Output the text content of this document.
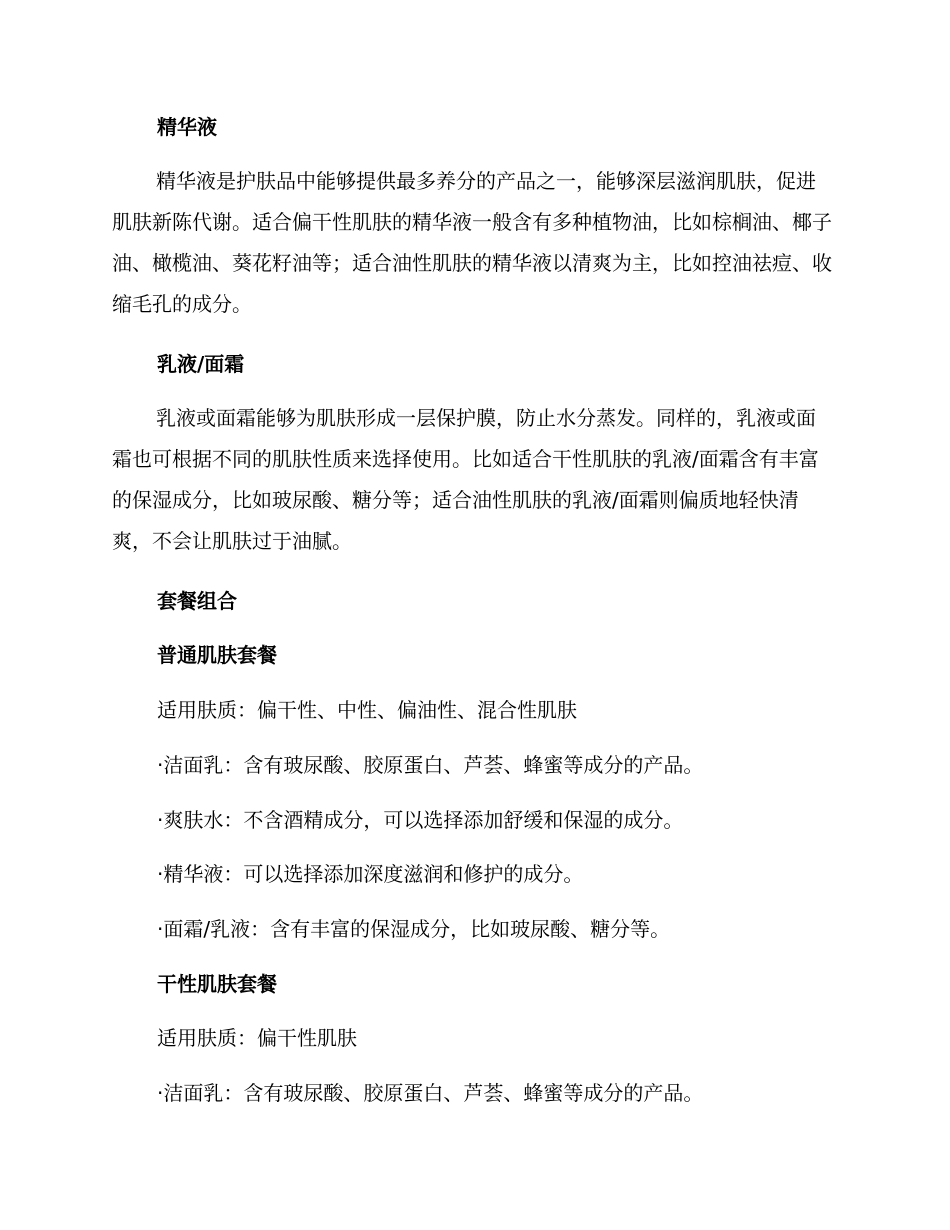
精华液

精华液是护肤品中能够提供最多养分的产品之一，能够深层滋润肌肤，促进肌肤新陈代谢。适合偏干性肌肤的精华液一般含有多种植物油，比如棕榈油、椰子油、橄榄油、葵花籽油等；适合油性肌肤的精华液以清爽为主，比如控油祛痘、收缩毛孔的成分。

乳液/面霜

乳液或面霜能够为肌肤形成一层保护膜，防止水分蒸发。同样的，乳液或面霜也可根据不同的肌肤性质来选择使用。比如适合干性肌肤的乳液/面霜含有丰富的保湿成分，比如玻尿酸、糖分等；适合油性肌肤的乳液/面霜则偏质地轻快清爽，不会让肌肤过于油腻。

套餐组合
普通肌肤套餐
适用肤质：偏干性、中性、偏油性、混合性肌肤
·洁面乳：含有玻尿酸、胶原蛋白、芦荟、蜂蜜等成分的产品。
·爽肤水：不含酒精成分，可以选择添加舒缓和保湿的成分。
·精华液：可以选择添加深度滋润和修护的成分。
·面霜/乳液：含有丰富的保湿成分，比如玻尿酸、糖分等。
干性肌肤套餐
适用肤质：偏干性肌肤
·洁面乳：含有玻尿酸、胶原蛋白、芦荟、蜂蜜等成分的产品。
